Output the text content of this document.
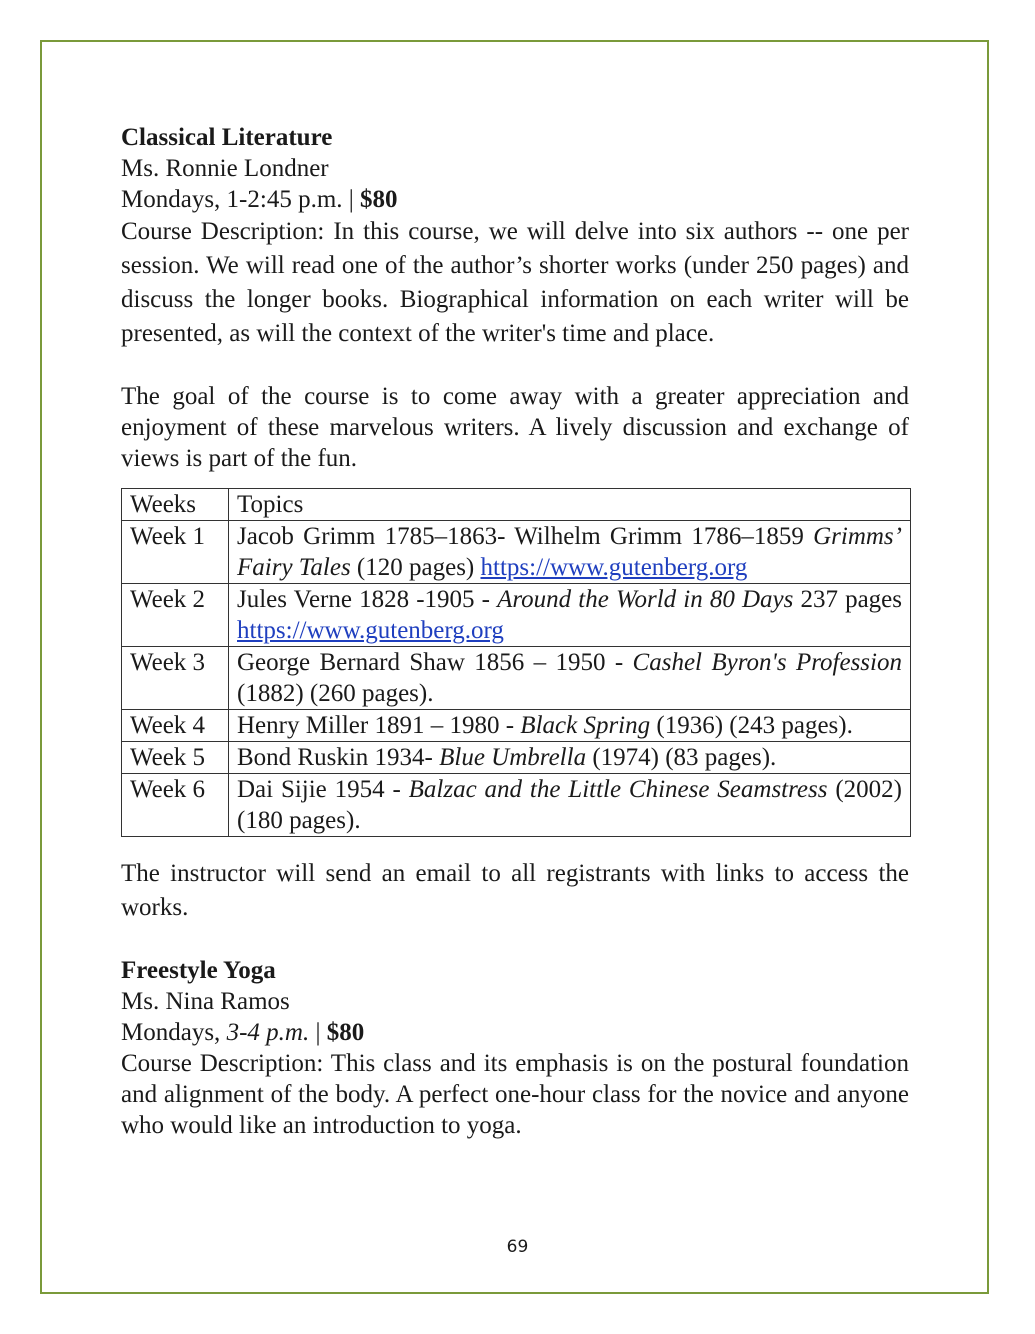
Classical Literature
Ms. Ronnie Londner
Mondays, 1-2:45 p.m. | $80
Course Description: In this course, we will delve into six authors -- one per session. We will read one of the author’s shorter works (under 250 pages) and discuss the longer books. Biographical information on each writer will be presented, as will the context of the writer's time and place.
The goal of the course is to come away with a greater appreciation and enjoyment of these marvelous writers. A lively discussion and exchange of views is part of the fun.
Weeks	Topics
Week 1	Jacob Grimm 1785–1863- Wilhelm Grimm 1786–1859 Grimms’ Fairy Tales (120 pages) https://www.gutenberg.org
Week 2	Jules Verne 1828 -1905 - Around the World in 80 Days 237 pages https://www.gutenberg.org
Week 3	George Bernard Shaw 1856 – 1950 - Cashel Byron's Profession (1882) (260 pages).
Week 4	Henry Miller 1891 – 1980 - Black Spring (1936) (243 pages).
Week 5	Bond Ruskin 1934- Blue Umbrella (1974) (83 pages).
Week 6	Dai Sijie 1954 - Balzac and the Little Chinese Seamstress (2002) (180 pages).
The instructor will send an email to all registrants with links to access the works.
Freestyle Yoga
Ms. Nina Ramos
Mondays, 3-4 p.m. | $80
Course Description: This class and its emphasis is on the postural foundation and alignment of the body. A perfect one-hour class for the novice and anyone who would like an introduction to yoga.
69
